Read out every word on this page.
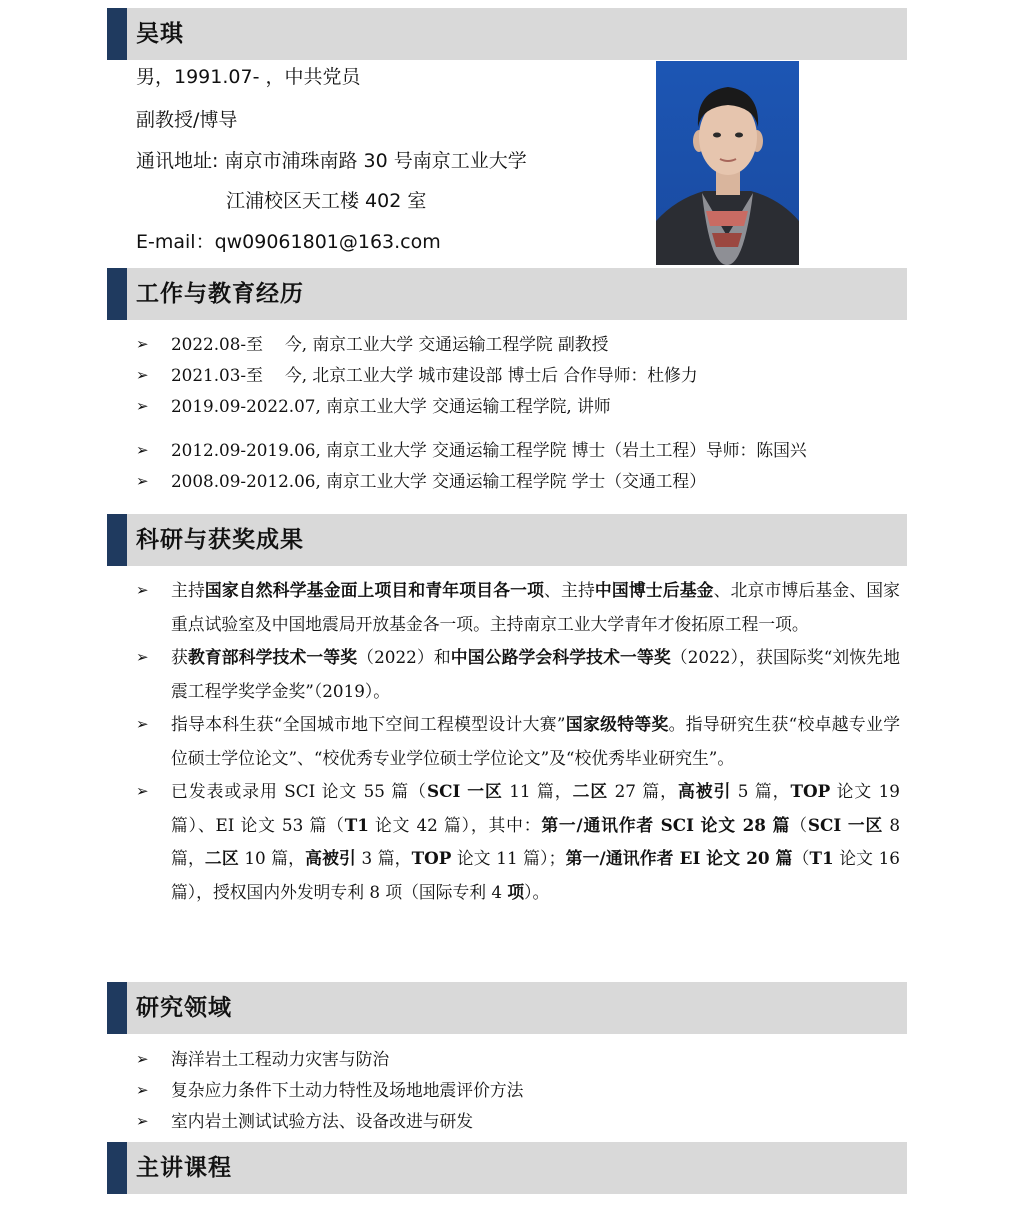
吴琪
男，1991.07- ，中共党员
副教授/博导
通讯地址: 南京市浦珠南路 30 号南京工业大学
江浦校区天工楼 402 室
E-mail：qw09061801@163.com
工作与教育经历
➢ 2022.08-至　 今, 南京工业大学 交通运输工程学院 副教授
➢ 2021.03-至　 今, 北京工业大学 城市建设部 博士后 合作导师：杜修力
➢ 2019.09-2022.07, 南京工业大学 交通运输工程学院, 讲师
➢ 2012.09-2019.06, 南京工业大学 交通运输工程学院 博士（岩土工程）导师：陈国兴
➢ 2008.09-2012.06, 南京工业大学 交通运输工程学院 学士（交通工程）
科研与获奖成果
➢ 主持国家自然科学基金面上项目和青年项目各一项、主持中国博士后基金、北京市博后基金、国家重点试验室及中国地震局开放基金各一项。主持南京工业大学青年才俊拓原工程一项。
➢ 获教育部科学技术一等奖（2022）和中国公路学会科学技术一等奖（2022），获国际奖“刘恢先地震工程学奖学金奖”（2019）。
➢ 指导本科生获“全国城市地下空间工程模型设计大赛”国家级特等奖。指导研究生获“校卓越专业学位硕士学位论文”、“校优秀专业学位硕士学位论文”及“校优秀毕业研究生”。
➢ 已发表或录用 SCI 论文 55 篇（SCI 一区 11 篇，二区 27 篇，高被引 5 篇，TOP 论文 19 篇）、EI 论文 53 篇（T1 论文 42 篇），其中：第一/通讯作者 SCI 论文 28 篇（SCI 一区 8 篇，二区 10 篇，高被引 3 篇，TOP 论文 11 篇）；第一/通讯作者 EI 论文 20 篇（T1 论文 16 篇），授权国内外发明专利 8 项（国际专利 4 项）。
研究领域
➢ 海洋岩土工程动力灾害与防治
➢ 复杂应力条件下土动力特性及场地地震评价方法
➢ 室内岩土测试试验方法、设备改进与研发
主讲课程
